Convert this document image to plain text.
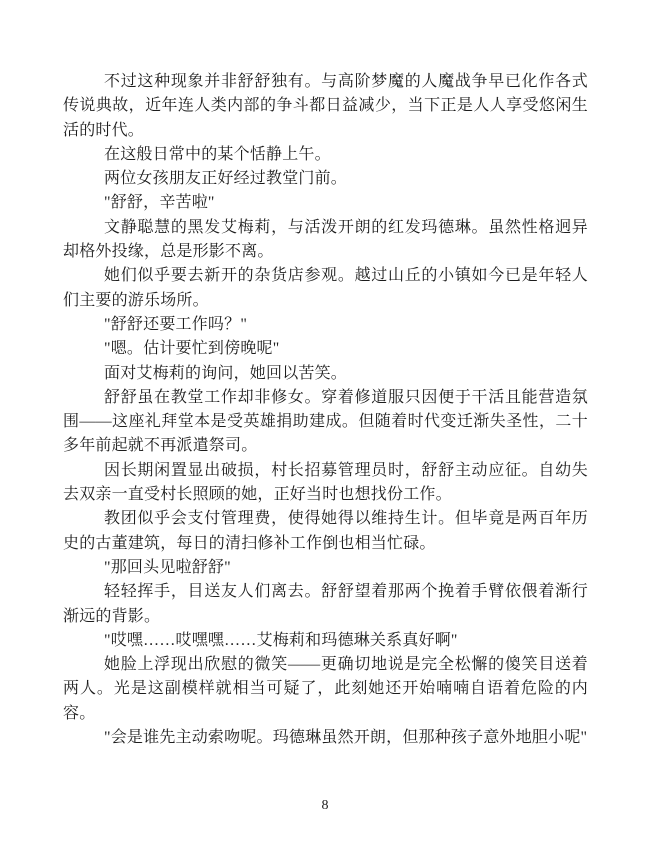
不过这种现象并非舒舒独有。与高阶梦魔的人魔战争早已化作各式传说典故，近年连人类内部的争斗都日益减少，当下正是人人享受悠闲生活的时代。

在这般日常中的某个恬静上午。

两位女孩朋友正好经过教堂门前。

"舒舒，辛苦啦"

文静聪慧的黑发艾梅莉，与活泼开朗的红发玛德琳。虽然性格迥异却格外投缘，总是形影不离。

她们似乎要去新开的杂货店参观。越过山丘的小镇如今已是年轻人们主要的游乐场所。

"舒舒还要工作吗？"

"嗯。估计要忙到傍晚呢"

面对艾梅莉的询问，她回以苦笑。

舒舒虽在教堂工作却非修女。穿着修道服只因便于干活且能营造氛围——这座礼拜堂本是受英雄捐助建成。但随着时代变迁渐失圣性，二十多年前起就不再派遣祭司。

因长期闲置显出破损，村长招募管理员时，舒舒主动应征。自幼失去双亲一直受村长照顾的她，正好当时也想找份工作。

教团似乎会支付管理费，使得她得以维持生计。但毕竟是两百年历史的古董建筑，每日的清扫修补工作倒也相当忙碌。

"那回头见啦舒舒"

轻轻挥手，目送友人们离去。舒舒望着那两个挽着手臂依偎着渐行渐远的背影。

"哎嘿……哎嘿嘿……艾梅莉和玛德琳关系真好啊"

她脸上浮现出欣慰的微笑——更确切地说是完全松懈的傻笑目送着两人。光是这副模样就相当可疑了，此刻她还开始喃喃自语着危险的内容。

"会是谁先主动索吻呢。玛德琳虽然开朗，但那种孩子意外地胆小呢"

8
